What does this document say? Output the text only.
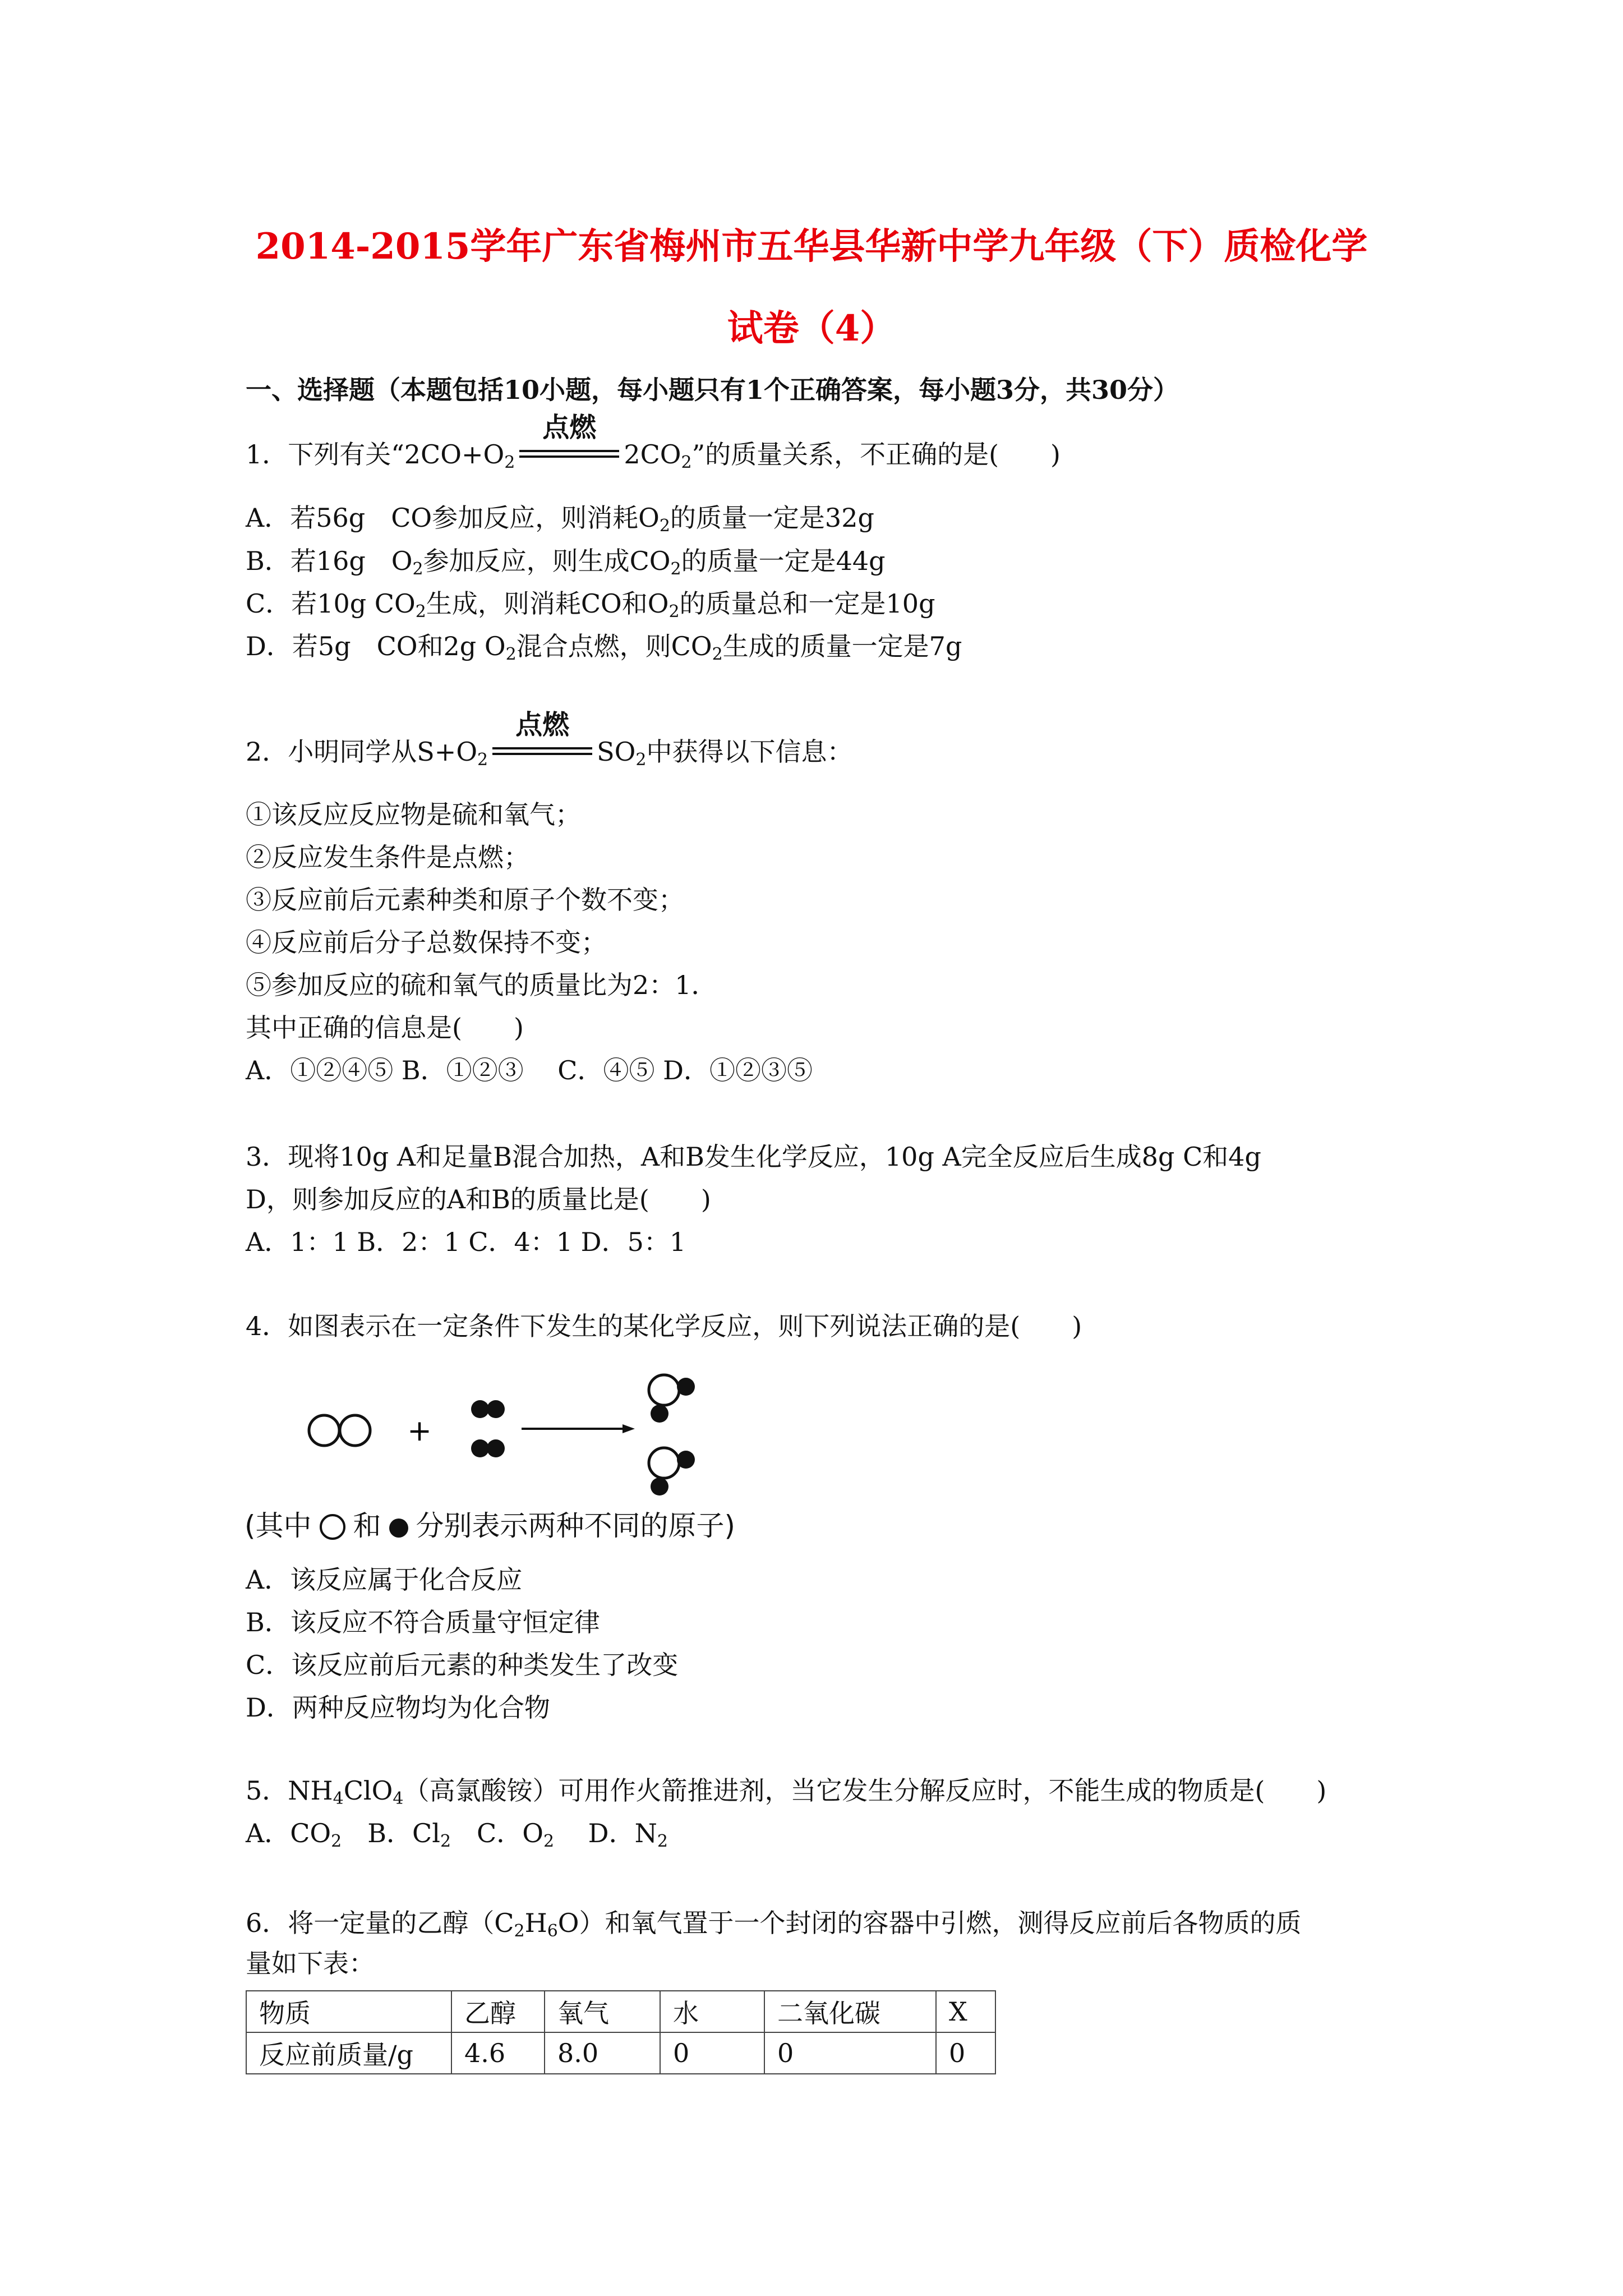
2014-2015学年广东省梅州市五华县华新中学九年级（下）质检化学
试卷（4）
一、选择题（本题包括10小题，每小题只有1个正确答案，每小题3分，共30分）
1．下列有关“$2CO+O_2$
点燃
$2CO_2$”的质量关系，不正确的是(　　)
A．若56g　CO参加反应，则消耗$O_2$的质量一定是32g
B．若16g　$O_2$参加反应，则生成$CO_2$的质量一定是44g
C．若10g $CO_2$生成，则消耗CO和$O_2$的质量总和一定是10g
D．若5g　CO和2g $O_2$混合点燃，则$CO_2$生成的质量一定是7g
2．小明同学从$S+O_2$
点燃
$SO_2$中获得以下信息：
①该反应反应物是硫和氧气；
②反应发生条件是点燃；
③反应前后元素种类和原子个数不变；
④反应前后分子总数保持不变；
⑤参加反应的硫和氧气的质量比为2：1．
其中正确的信息是(　　)
A．①②④⑤ B．①②③　 C．④⑤ D．①②③⑤
3．现将10g A和足量B混合加热，A和B发生化学反应，10g A完全反应后生成8g C和4g
D，则参加反应的A和B的质量比是(　　)
A．1：1 B．2：1 C．4：1 D．5：1
4．如图表示在一定条件下发生的某化学反应，则下列说法正确的是(　　)
+
(其中 和 分别表示两种不同的原子)
A．该反应属于化合反应
B．该反应不符合质量守恒定律
C．该反应前后元素的种类发生了改变
D．两种反应物均为化合物
5．$NH_4ClO_4$（高氯酸铵）可用作火箭推进剂，当它发生分解反应时，不能生成的物质是(　　)
A．$CO_2$　B．$Cl_2$　C．$O_2$　 D．$N_2$
6．将一定量的乙醇$(C_2H_6O)$和氧气置于一个封闭的容器中引燃，测得反应前后各物质的质
量如下表：
物质	乙醇	氧气	水	二氧化碳	X
反应前质量/g	4.6	8.0	0	0	0
